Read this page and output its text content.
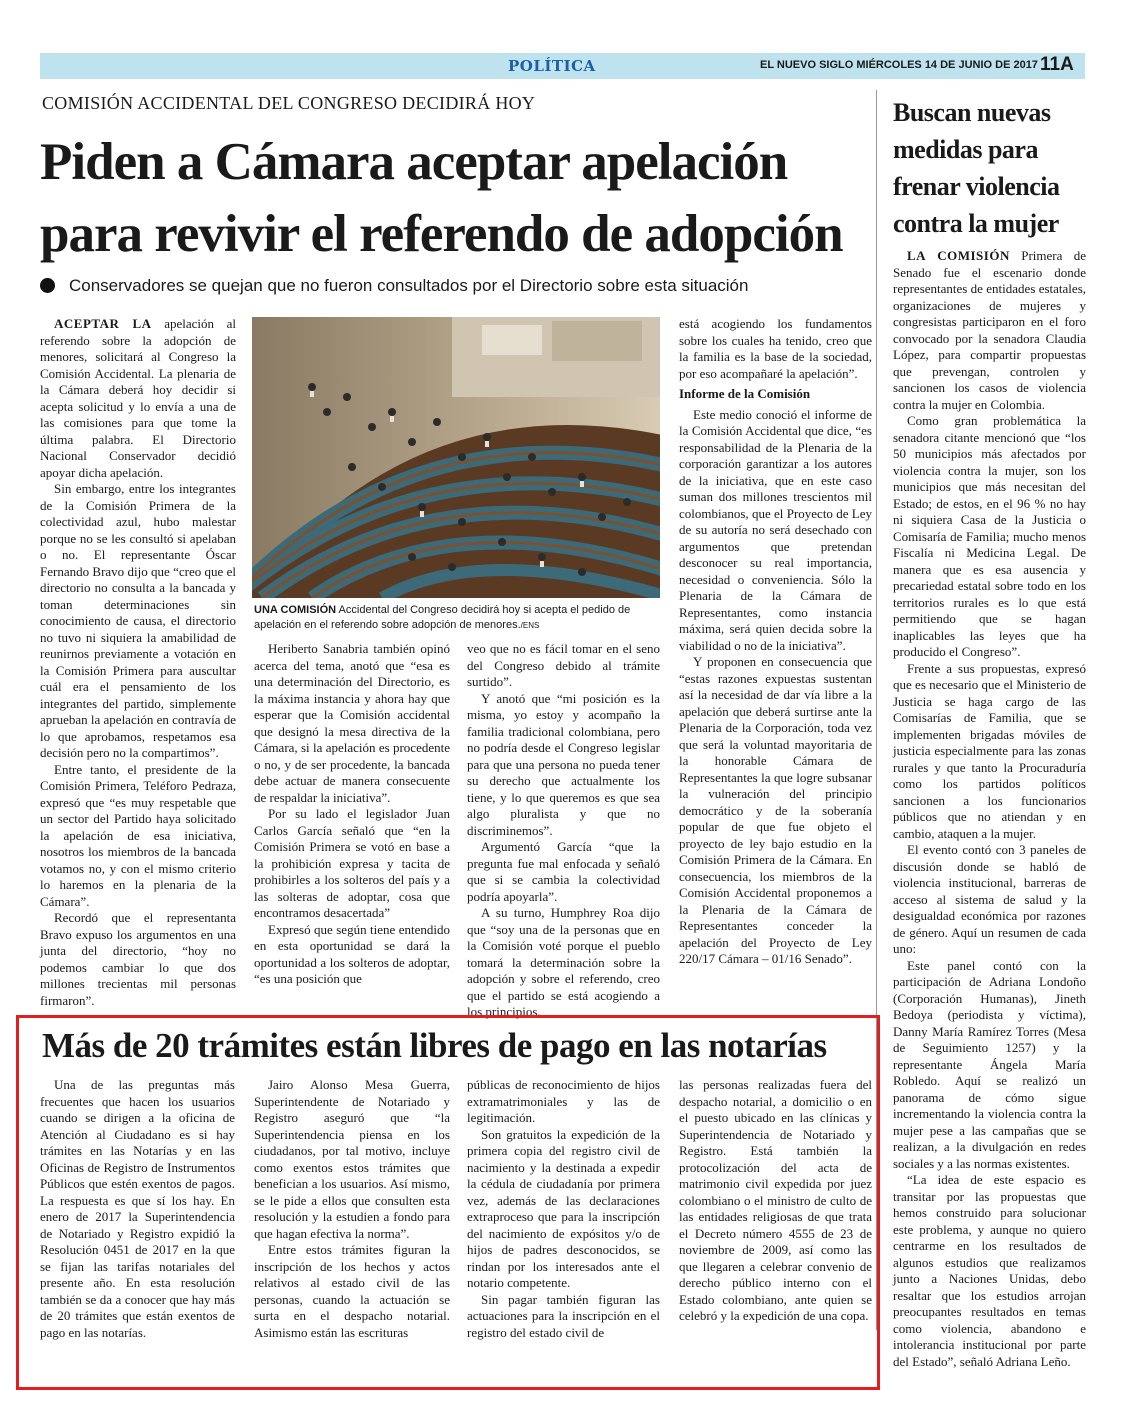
POLÍTICA	EL NUEVO SIGLO MIÉRCOLES 14 DE JUNIO DE 2017 11A
COMISIÓN ACCIDENTAL DEL CONGRESO DECIDIRÁ HOY
Piden a Cámara aceptar apelación para revivir el referendo de adopción
Conservadores se quejan que no fueron consultados por el Directorio sobre esta situación

ACEPTAR LA apelación al referendo sobre la adopción de menores, solicitará al Congreso la Comisión Accidental. La plenaria de la Cámara deberá hoy decidir si acepta solicitud y lo envía a una de las comisiones para que tome la última palabra. El Directorio Nacional Conservador decidió apoyar dicha apelación.

Sin embargo, entre los integrantes de la Comisión Primera de la colectividad azul, hubo malestar porque no se les consultó si apelaban o no. El representante Óscar Fernando Bravo dijo que “creo que el directorio no consulta a la bancada y toman determinaciones sin conocimiento de causa, el directorio no tuvo ni siquiera la amabilidad de reunirnos previamente a votación en la Comisión Primera para auscultar cuál era el pensamiento de los integrantes del partido, simplemente aprueban la apelación en contravía de lo que aprobamos, respetamos esa decisión pero no la compartimos”.

Entre tanto, el presidente de la Comisión Primera, Teléforo Pedraza, expresó que “es muy respetable que un sector del Partido haya solicitado la apelación de esa iniciativa, nosotros los miembros de la bancada votamos no, y con el mismo criterio lo haremos en la plenaria de la Cámara”.

Recordó que el representanta Bravo expuso los argumentos en una junta del directorio, “hoy no podemos cambiar lo que dos millones trecientas mil personas firmaron”.

UNA COMISIÓN Accidental del Congreso decidirá hoy si acepta el pedido de apelación en el referendo sobre adopción de menores./ENS

Heriberto Sanabria también opinó acerca del tema, anotó que “esa es una determinación del Directorio, es la máxima instancia y ahora hay que esperar que la Comisión accidental que designó la mesa directiva de la Cámara, si la apelación es procedente o no, y de ser procedente, la bancada debe actuar de manera consecuente de respaldar la iniciativa”.

Por su lado el legislador Juan Carlos García señaló que “en la Comisión Primera se votó en base a la prohibición expresa y tacita de prohibirles a los solteros del país y a las solteras de adoptar, cosa que encontramos desacertada”

Expresó que según tiene entendido en esta oportunidad se dará la oportunidad a los solteros de adoptar, “es una posición que

veo que no es fácil tomar en el seno del Congreso debido al trámite surtido”.

Y anotó que “mi posición es la misma, yo estoy y acompaño la familia tradicional colombiana, pero no podría desde el Congreso legislar para que una persona no pueda tener su derecho que actualmente los tiene, y lo que queremos es que sea algo pluralista y que no discriminemos”.

Argumentó García “que la pregunta fue mal enfocada y señaló que si se cambia la colectividad podría apoyarla”.

A su turno, Humphrey Roa dijo que “soy una de la personas que en la Comisión voté porque el pueblo tomará la determinación sobre la adopción y sobre el referendo, creo que el partido se está acogiendo a los principios,

está acogiendo los fundamentos sobre los cuales ha tenido, creo que la familia es la base de la sociedad, por eso acompañaré la apelación”.

Informe de la Comisión

Este medio conoció el informe de la Comisión Accidental que dice, “es responsabilidad de la Plenaria de la corporación garantizar a los autores de la iniciativa, que en este caso suman dos millones trescientos mil colombianos, que el Proyecto de Ley de su autoría no será desechado con argumentos que pretendan desconocer su real importancia, necesidad o conveniencia. Sólo la Plenaria de la Cámara de Representantes, como instancia máxima, será quien decida sobre la viabilidad o no de la iniciativa”.

Y proponen en consecuencia que “estas razones expuestas sustentan así la necesidad de dar vía libre a la apelación que deberá surtirse ante la Plenaria de la Corporación, toda vez que será la voluntad mayoritaria de la honorable Cámara de Representantes la que logre subsanar la vulneración del principio democrático y de la soberanía popular de que fue objeto el proyecto de ley bajo estudio en la Comisión Primera de la Cámara. En consecuencia, los miembros de la Comisión Accidental proponemos a la Plenaria de la Cámara de Representantes conceder la apelación del Proyecto de Ley 220/17 Cámara – 01/16 Senado”.

Buscan nuevas medidas para frenar violencia contra la mujer

LA COMISIÓN Primera de Senado fue el escenario donde representantes de entidades estatales, organizaciones de mujeres y congresistas participaron en el foro convocado por la senadora Claudia López, para compartir propuestas que prevengan, controlen y sancionen los casos de violencia contra la mujer en Colombia.

Como gran problemática la senadora citante mencionó que “los 50 municipios más afectados por violencia contra la mujer, son los municipios que más necesitan del Estado; de estos, en el 96 % no hay ni siquiera Casa de la Justicia o Comisaría de Familia; mucho menos Fiscalía ni Medicina Legal. De manera que es esa ausencia y precariedad estatal sobre todo en los territorios rurales es lo que está permitiendo que se hagan inaplicables las leyes que ha producido el Congreso”.

Frente a sus propuestas, expresó que es necesario que el Ministerio de Justicia se haga cargo de las Comisarías de Familia, que se implementen brigadas móviles de justicia especialmente para las zonas rurales y que tanto la Procuraduría como los partidos políticos sancionen a los funcionarios públicos que no atiendan y en cambio, ataquen a la mujer.

El evento contó con 3 paneles de discusión donde se habló de violencia institucional, barreras de acceso al sistema de salud y la desigualdad económica por razones de género. Aquí un resumen de cada uno:

Este panel contó con la participación de Adriana Londoño (Corporación Humanas), Jineth Bedoya (periodista y víctima), Danny María Ramírez Torres (Mesa de Seguimiento 1257) y la representante Ángela María Robledo. Aquí se realizó un panorama de cómo sigue incrementando la violencia contra la mujer pese a las campañas que se realizan, a la divulgación en redes sociales y a las normas existentes.

“La idea de este espacio es transitar por las propuestas que hemos construido para solucionar este problema, y aunque no quiero centrarme en los resultados de algunos estudios que realizamos junto a Naciones Unidas, debo resaltar que los estudios arrojan preocupantes resultados en temas como violencia, abandono e intolerancia institucional por parte del Estado”, señaló Adriana Leño.

Más de 20 trámites están libres de pago en las notarías

Una de las preguntas más frecuentes que hacen los usuarios cuando se dirigen a la oficina de Atención al Ciudadano es si hay trámites en las Notarías y en las Oficinas de Registro de Instrumentos Públicos que estén exentos de pagos. La respuesta es que sí los hay. En enero de 2017 la Superintendencia de Notariado y Registro expidió la Resolución 0451 de 2017 en la que se fijan las tarifas notariales del presente año. En esta resolución también se da a conocer que hay más de 20 trámites que están exentos de pago en las notarías.

Jairo Alonso Mesa Guerra, Superintendente de Notariado y Registro aseguró que “la Superintendencia piensa en los ciudadanos, por tal motivo, incluye como exentos estos trámites que benefician a los usuarios. Así mismo, se le pide a ellos que consulten esta resolución y la estudien a fondo para que hagan efectiva la norma”.

Entre estos trámites figuran la inscripción de los hechos y actos relativos al estado civil de las personas, cuando la actuación se surta en el despacho notarial. Asimismo están las escrituras

públicas de reconocimiento de hijos extramatrimoniales y las de legitimación.

Son gratuitos la expedición de la primera copia del registro civil de nacimiento y la destinada a expedir la cédula de ciudadanía por primera vez, además de las declaraciones extraproceso que para la inscripción del nacimiento de expósitos y/o de hijos de padres desconocidos, se rindan por los interesados ante el notario competente.

Sin pagar también figuran las actuaciones para la inscripción en el registro del estado civil de

las personas realizadas fuera del despacho notarial, a domicilio o en el puesto ubicado en las clínicas y Superintendencia de Notariado y Registro. Está también la protocolización del acta de matrimonio civil expedida por juez colombiano o el ministro de culto de las entidades religiosas de que trata el Decreto número 4555 de 23 de noviembre de 2009, así como las que llegaren a celebrar convenio de derecho público interno con el Estado colombiano, ante quien se celebró y la expedición de una copa.
